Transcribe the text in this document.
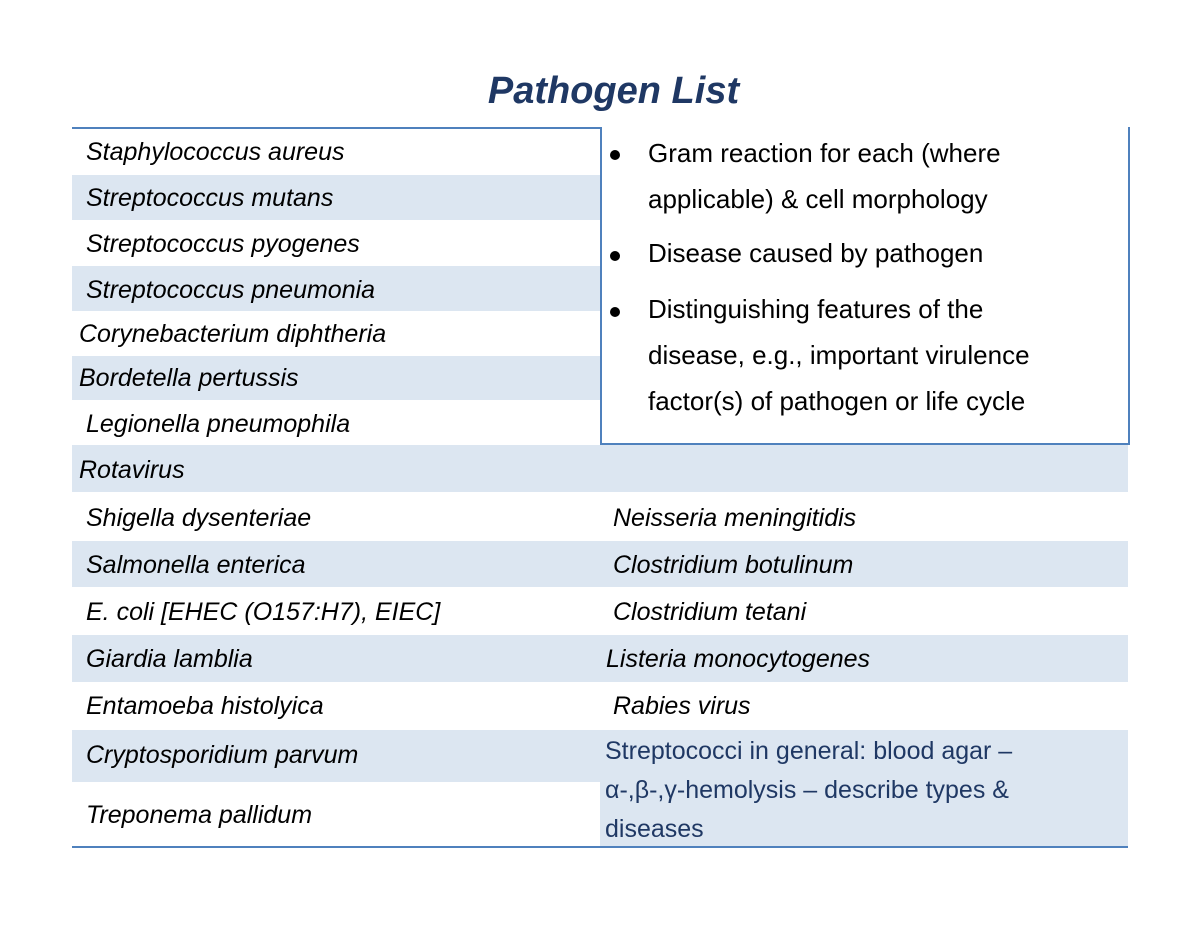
Pathogen List
Staphylococcus aureus
Streptococcus mutans
Streptococcus pyogenes
Streptococcus pneumonia
Corynebacterium diphtheria
Bordetella pertussis
Legionella pneumophila
Rotavirus
Shigella dysenteriae
Salmonella enterica
E. coli [EHEC (O157:H7), EIEC]
Giardia lamblia
Entamoeba histolyica
Cryptosporidium parvum
Treponema pallidum
Neisseria meningitidis
Clostridium botulinum
Clostridium tetani
Listeria monocytogenes
Rabies virus
Gram reaction for each (where
applicable) & cell morphology
Disease caused by pathogen
Distinguishing features of the
disease, e.g., important virulence
factor(s) of pathogen or life cycle
Streptococci in general: blood agar –
α-,β-,γ-hemolysis – describe types &
diseases
